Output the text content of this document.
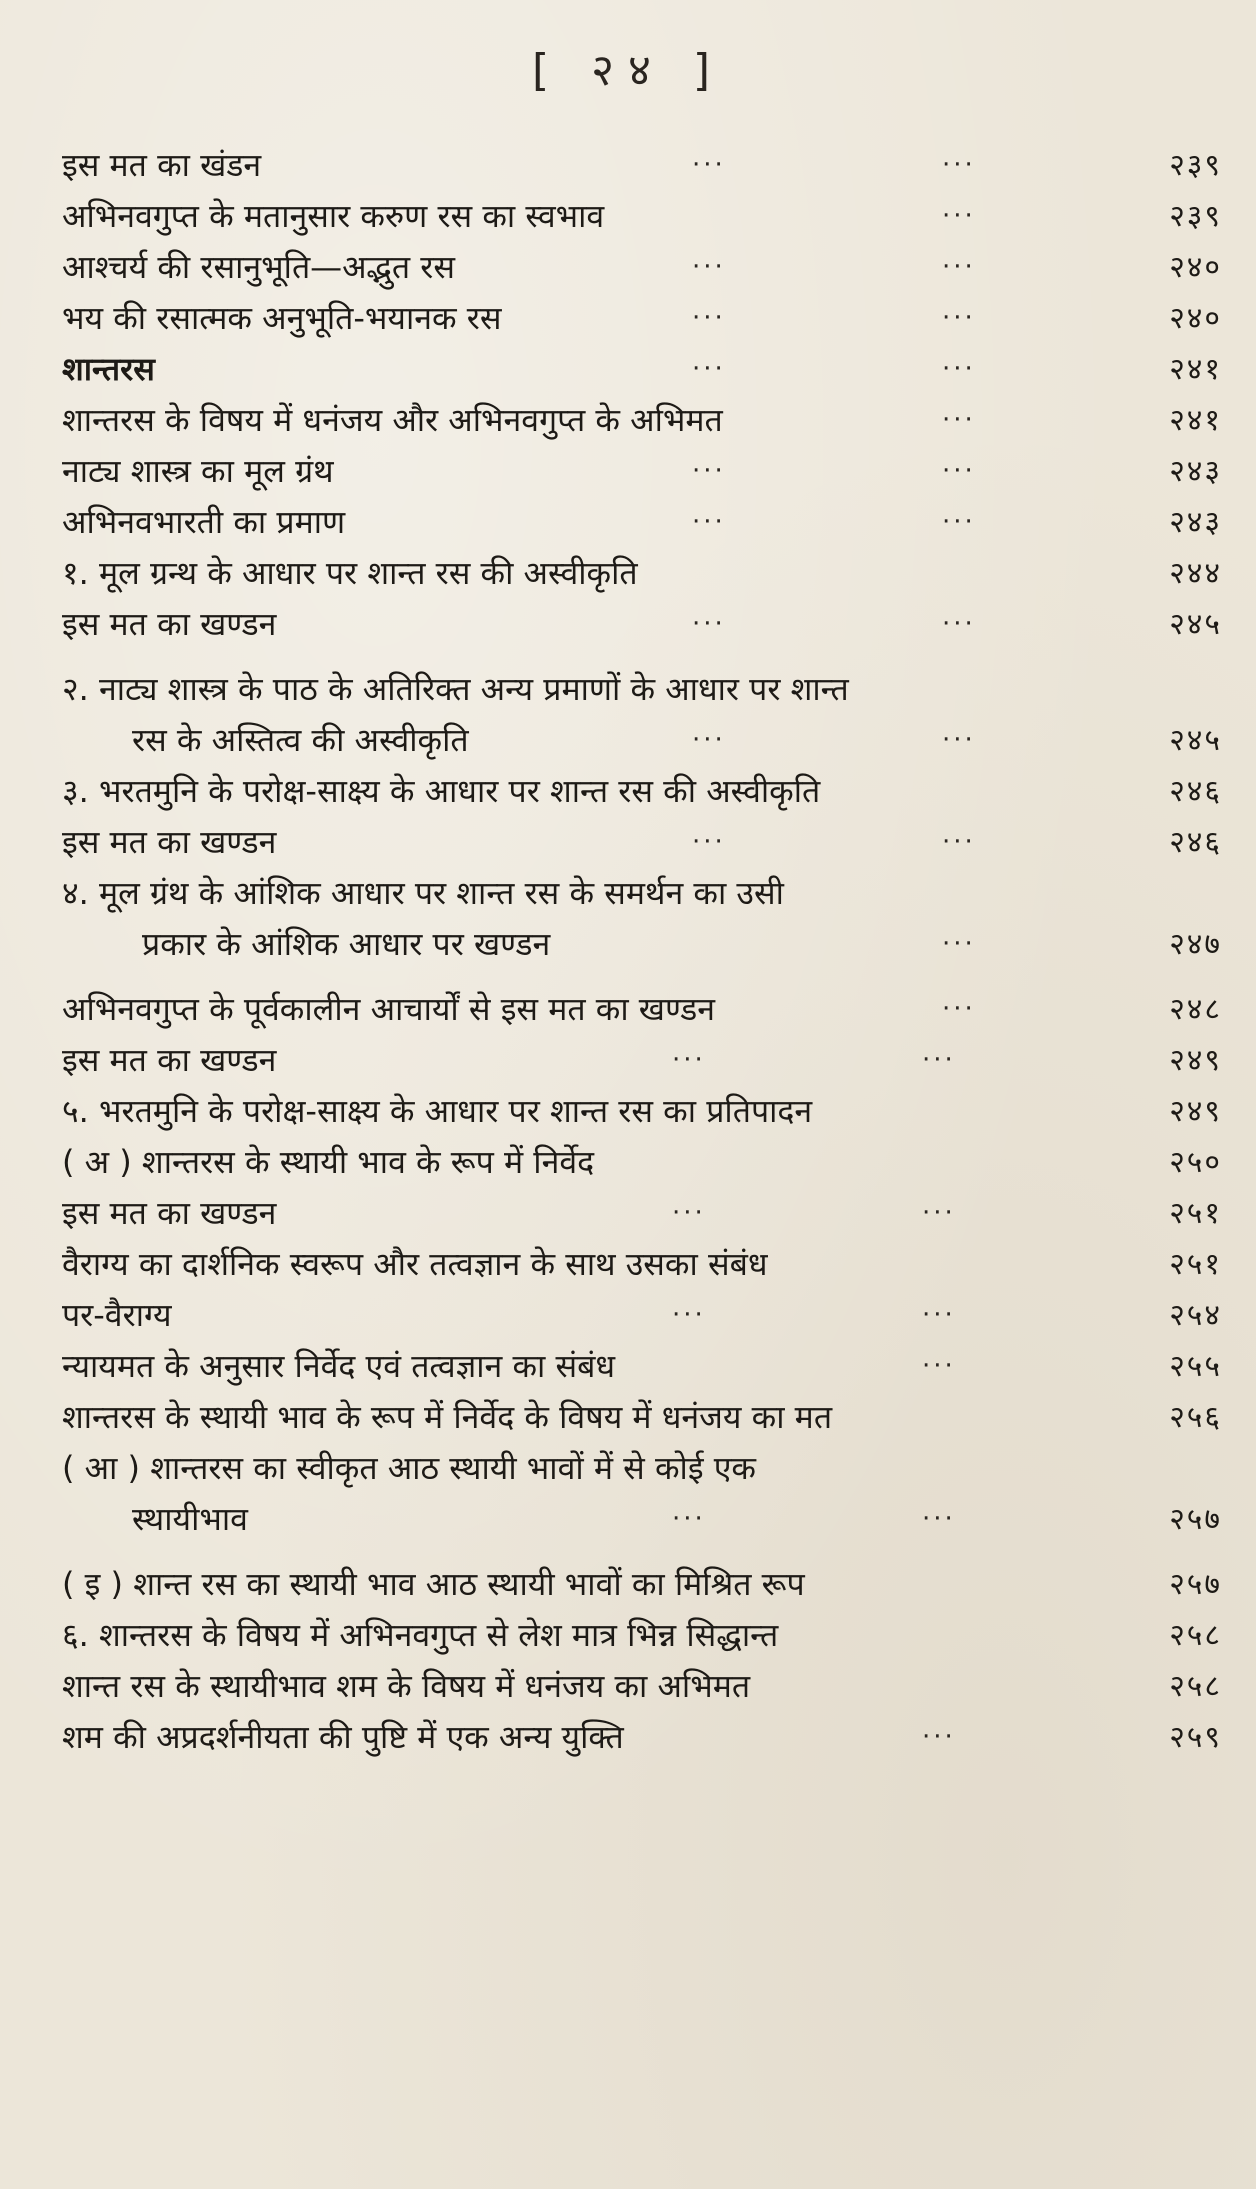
[ २४ ]
इस मत का खंडन	···	···	२३९
अभिनवगुप्त के मतानुसार करुण रस का स्वभाव	···	२३९
आश्चर्य की रसानुभूति—अद्भुत रस	···	···	२४०
भय की रसात्मक अनुभूति-भयानक रस	···	···	२४०
शान्तरस	···	···	२४१
शान्तरस के विषय में धनंजय और अभिनवगुप्त के अभिमत	···	२४१
नाट्य शास्त्र का मूल ग्रंथ	···	···	२४३
अभिनवभारती का प्रमाण	···	···	२४३
१. मूल ग्रन्थ के आधार पर शान्त रस की अस्वीकृति	२४४
इस मत का खण्डन	···	···	२४५
२. नाट्य शास्त्र के पाठ के अतिरिक्त अन्य प्रमाणों के आधार पर शान्त
रस के अस्तित्व की अस्वीकृति	···	···	२४५
३. भरतमुनि के परोक्ष-साक्ष्य के आधार पर शान्त रस की अस्वीकृति	२४६
इस मत का खण्डन	···	···	२४६
४. मूल ग्रंथ के आंशिक आधार पर शान्त रस के समर्थन का उसी
प्रकार के आंशिक आधार पर खण्डन	···	२४७
अभिनवगुप्त के पूर्वकालीन आचार्यों से इस मत का खण्डन	···	२४८
इस मत का खण्डन	···	···	२४९
५. भरतमुनि के परोक्ष-साक्ष्य के आधार पर शान्त रस का प्रतिपादन	२४९
( अ ) शान्तरस के स्थायी भाव के रूप में निर्वेद	२५०
इस मत का खण्डन	···	···	२५१
वैराग्य का दार्शनिक स्वरूप और तत्वज्ञान के साथ उसका संबंध	२५१
पर-वैराग्य	···	···	२५४
न्यायमत के अनुसार निर्वेद एवं तत्वज्ञान का संबंध	···	२५५
शान्तरस के स्थायी भाव के रूप में निर्वेद के विषय में धनंजय का मत	२५६
( आ ) शान्तरस का स्वीकृत आठ स्थायी भावों में से कोई एक
स्थायीभाव	···	···	२५७
( इ ) शान्त रस का स्थायी भाव आठ स्थायी भावों का मिश्रित रूप	२५७
६. शान्तरस के विषय में अभिनवगुप्त से लेश मात्र भिन्न सिद्धान्त	२५८
शान्त रस के स्थायीभाव शम के विषय में धनंजय का अभिमत	२५८
शम की अप्रदर्शनीयता की पुष्टि में एक अन्य युक्ति	···	२५९
